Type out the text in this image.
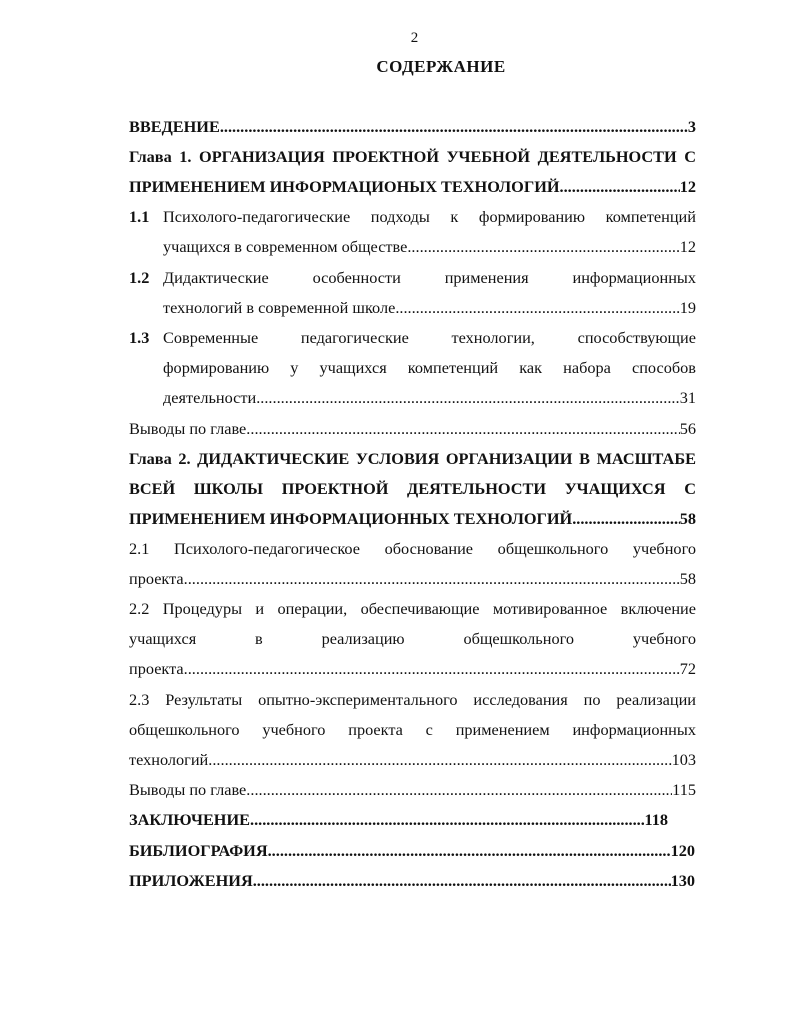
2
СОДЕРЖАНИЕ
ВВЕДЕНИЕ .....	3
Глава 1. ОРГАНИЗАЦИЯ ПРОЕКТНОЙ УЧЕБНОЙ ДЕЯТЕЛЬНОСТИ С
ПРИМЕНЕНИЕМ ИНФОРМАЦИОНЫХ ТЕХНОЛОГИЙ .....	12
1.1 Психолого-педагогические подходы к формированию компетенций
учащихся в современном обществе .....	12
1.2 Дидактические	особенности	применения	информационных
технологий в современной школе .....	19
1.3 Современные	педагогические	технологии,	способствующие
формированию у учащихся компетенций как набора способов
деятельности .....	31
Выводы по главе .....	56
Глава 2. ДИДАКТИЧЕСКИЕ УСЛОВИЯ ОРГАНИЗАЦИИ В МАСШТАБЕ
ВСЕЙ ШКОЛЫ ПРОЕКТНОЙ ДЕЯТЕЛЬНОСТИ УЧАЩИХСЯ С
ПРИМЕНЕНИЕМ ИНФОРМАЦИОННЫХ ТЕХНОЛОГИЙ .....	58
2.1 Психолого-педагогическое обоснование общешкольного учебного
проекта .....	58
2.2 Процедуры и операции, обеспечивающие мотивированное включение
учащихся	в	реализацию	общешкольного	учебного
проекта .....	72
2.3 Результаты опытно-экспериментального исследования по реализации
общешкольного учебного проекта с применением информационных
технологий .....	103
Выводы по главе .....	115
ЗАКЛЮЧЕНИЕ .....	118
БИБЛИОГРАФИЯ .....	120
ПРИЛОЖЕНИЯ .....	130
